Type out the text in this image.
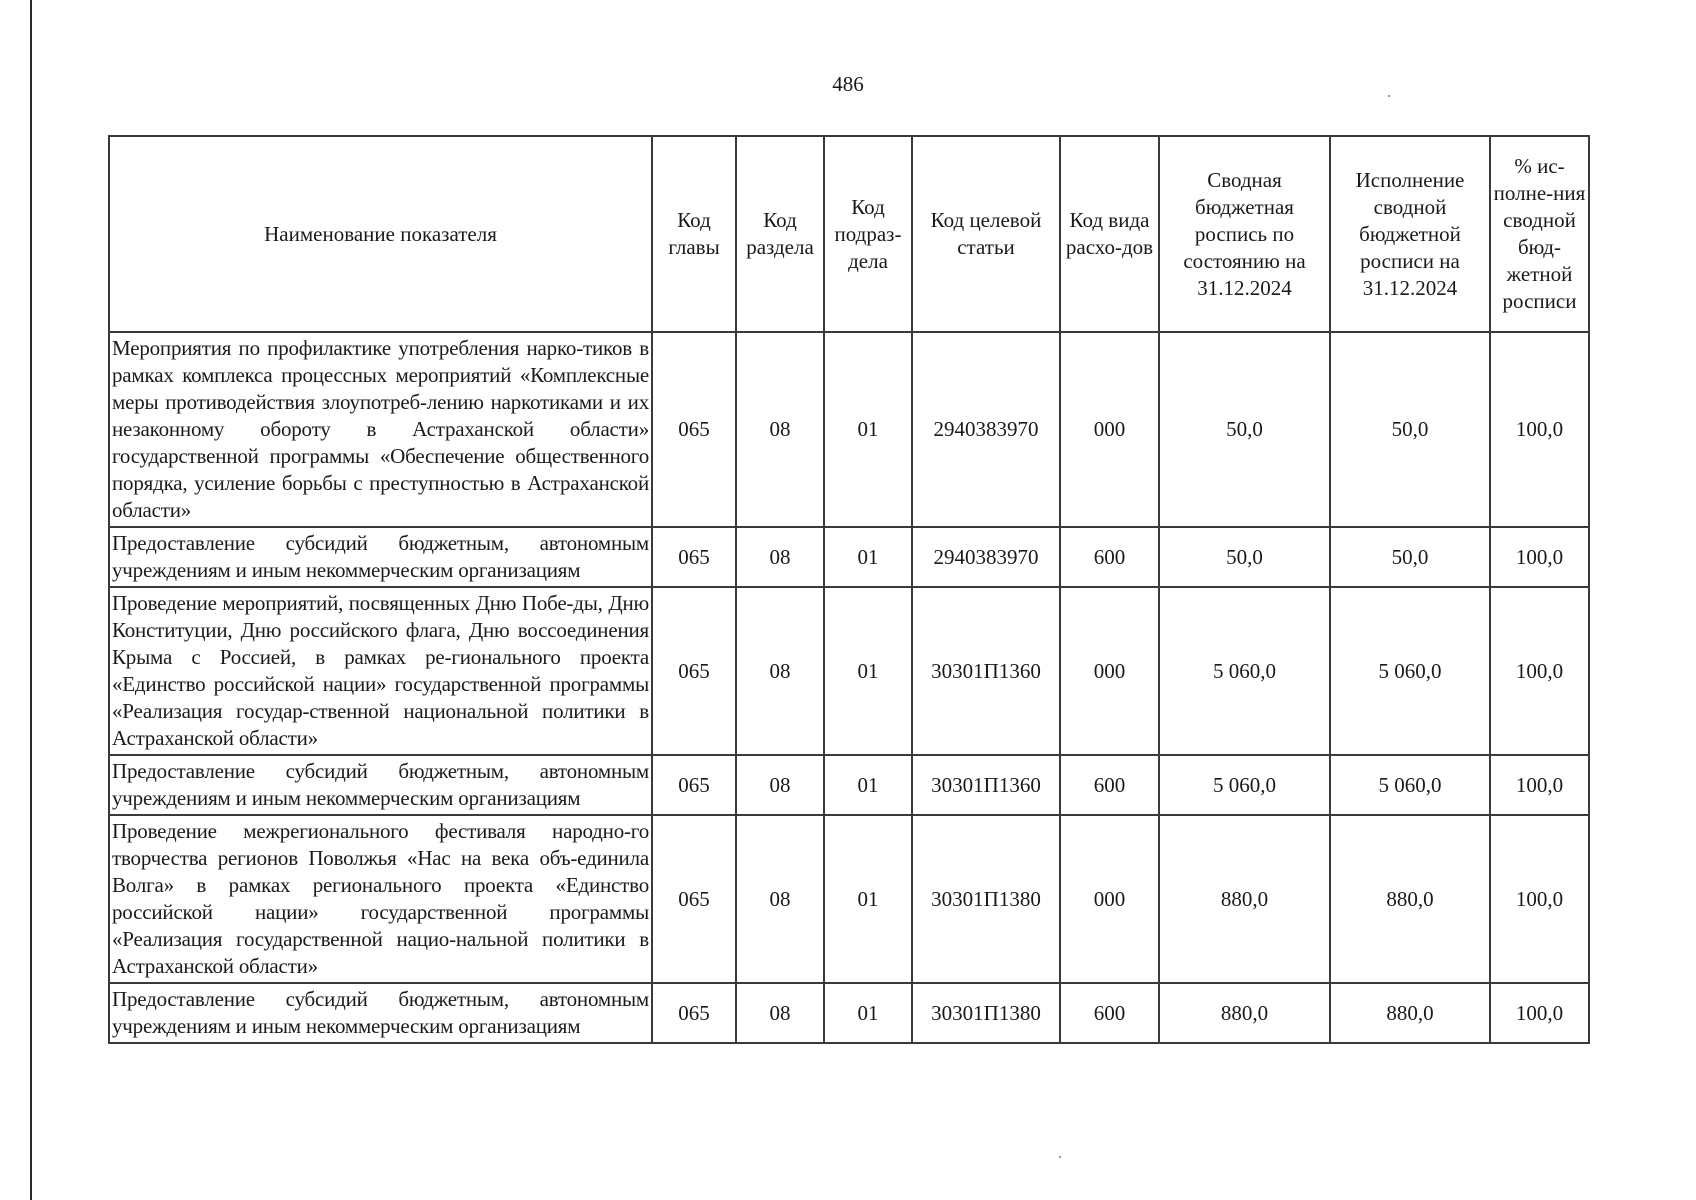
486
Наименование показателя	Код главы	Код раздела	Код подраз-дела	Код целевой статьи	Код вида расхо-дов	Сводная бюджетная роспись по состоянию на 31.12.2024	Исполнение сводной бюджетной росписи на 31.12.2024	% ис-полне-ния сводной бюд-жетной росписи
Мероприятия по профилактике употребления нарко-тиков в рамках комплекса процессных мероприятий «Комплексные меры противодействия злоупотреб-лению наркотиками и их незаконному обороту в Астраханской области» государственной программы «Обеспечение общественного порядка, усиление борьбы с преступностью в Астраханской области»	065	08	01	2940383970	000	50,0	50,0	100,0
Предоставление субсидий бюджетным, автономным учреждениям и иным некоммерческим организациям	065	08	01	2940383970	600	50,0	50,0	100,0
Проведение мероприятий, посвященных Дню Побе-ды, Дню Конституции, Дню российского флага, Дню воссоединения Крыма с Россией, в рамках ре-гионального проекта «Единство российской нации» государственной программы «Реализация государ-ственной национальной политики в Астраханской области»	065	08	01	30301П1360	000	5 060,0	5 060,0	100,0
Предоставление субсидий бюджетным, автономным учреждениям и иным некоммерческим организациям	065	08	01	30301П1360	600	5 060,0	5 060,0	100,0
Проведение межрегионального фестиваля народно-го творчества регионов Поволжья «Нас на века объ-единила Волга» в рамках регионального проекта «Единство российской нации» государственной программы «Реализация государственной нацио-нальной политики в Астраханской области»	065	08	01	30301П1380	000	880,0	880,0	100,0
Предоставление субсидий бюджетным, автономным учреждениям и иным некоммерческим организациям	065	08	01	30301П1380	600	880,0	880,0	100,0
